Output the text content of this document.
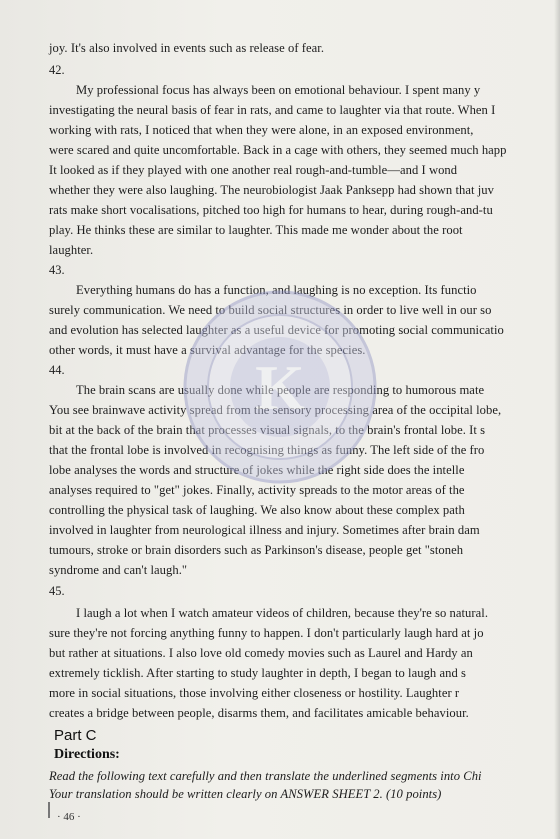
joy. It's also involved in events such as release of fear.
42.
My professional focus has always been on emotional behaviour. I spent many y
investigating the neural basis of fear in rats, and came to laughter via that route. When I
working with rats, I noticed that when they were alone, in an exposed environment,
were scared and quite uncomfortable. Back in a cage with others, they seemed much happ
It looked as if they played with one another real rough-and-tumble—and I wond
whether they were also laughing. The neurobiologist Jaak Panksepp had shown that juv
rats make short vocalisations, pitched too high for humans to hear, during rough-and-tu
play. He thinks these are similar to laughter. This made me wonder about the root
laughter.
43.
Everything humans do has a function, and laughing is no exception. Its functio
surely communication. We need to build social structures in order to live well in our so
and evolution has selected laughter as a useful device for promoting social communicatio
other words, it must have a survival advantage for the species.
44.
The brain scans are usually done while people are responding to humorous mate
You see brainwave activity spread from the sensory processing area of the occipital lobe,
bit at the back of the brain that processes visual signals, to the brain's frontal lobe. It s
that the frontal lobe is involved in recognising things as funny. The left side of the fro
lobe analyses the words and structure of jokes while the right side does the intelle
analyses required to "get" jokes. Finally, activity spreads to the motor areas of the
controlling the physical task of laughing. We also know about these complex path
involved in laughter from neurological illness and injury. Sometimes after brain dam
tumours, stroke or brain disorders such as Parkinson's disease, people get "stoneh
syndrome and can't laugh."
45.
I laugh a lot when I watch amateur videos of children, because they're so natural.
sure they're not forcing anything funny to happen. I don't particularly laugh hard at jo
but rather at situations. I also love old comedy movies such as Laurel and Hardy an
extremely ticklish. After starting to study laughter in depth, I began to laugh and s
more in social situations, those involving either closeness or hostility. Laughter r
creates a bridge between people, disarms them, and facilitates amicable behaviour.
Part C
Directions:
Read the following text carefully and then translate the underlined segments into Chi
Your translation should be written clearly on ANSWER SHEET 2. (10 points)
· 46 ·
K
